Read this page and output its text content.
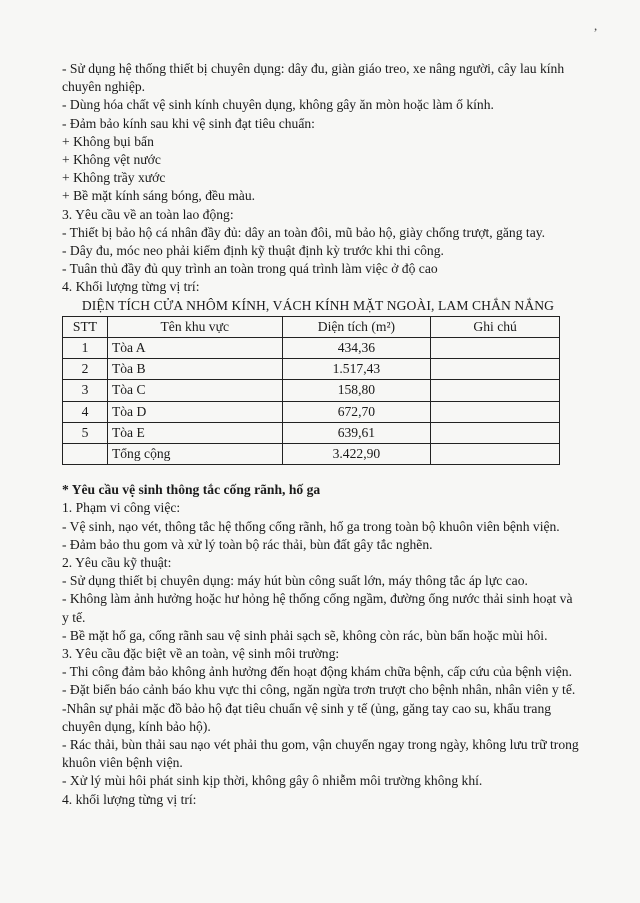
,
- Sử dụng hệ thống thiết bị chuyên dụng: dây đu, giàn giáo treo, xe nâng người, cây lau kính chuyên nghiệp.
- Dùng hóa chất vệ sinh kính chuyên dụng, không gây ăn mòn hoặc làm ố kính.
- Đảm bảo kính sau khi vệ sinh đạt tiêu chuẩn:
+ Không bụi bẩn
+ Không vệt nước
+ Không trầy xước
+ Bề mặt kính sáng bóng, đều màu.
3. Yêu cầu về an toàn lao động:
- Thiết bị bảo hộ cá nhân đầy đủ: dây an toàn đôi, mũ bảo hộ, giày chống trượt, găng tay.
- Dây đu, móc neo phải kiểm định kỹ thuật định kỳ trước khi thi công.
- Tuân thủ đầy đủ quy trình an toàn trong quá trình làm việc ở độ cao
4. Khối lượng từng vị trí:
DIỆN TÍCH CỬA NHÔM KÍNH, VÁCH KÍNH MẶT NGOÀI, LAM CHẮN NẮNG
STT	Tên khu vực	Diện tích (m²)	Ghi chú
1	Tòa A	434,36	
2	Tòa B	1.517,43	
3	Tòa C	158,80	
4	Tòa D	672,70	
5	Tòa E	639,61	
	Tổng cộng	3.422,90	
* Yêu cầu vệ sinh thông tắc cống rãnh, hố ga
1. Phạm vi công việc:
- Vệ sinh, nạo vét, thông tắc hệ thống cống rãnh, hố ga trong toàn bộ khuôn viên bệnh viện.
- Đảm bảo thu gom và xử lý toàn bộ rác thải, bùn đất gây tắc nghẽn.
2. Yêu cầu kỹ thuật:
- Sử dụng thiết bị chuyên dụng: máy hút bùn công suất lớn, máy thông tắc áp lực cao.
- Không làm ảnh hưởng hoặc hư hỏng hệ thống cống ngầm, đường ống nước thải sinh hoạt và y tế.
- Bề mặt hố ga, cống rãnh sau vệ sinh phải sạch sẽ, không còn rác, bùn bẩn hoặc mùi hôi.
3. Yêu cầu đặc biệt về an toàn, vệ sinh môi trường:
- Thi công đảm bảo không ảnh hưởng đến hoạt động khám chữa bệnh, cấp cứu của bệnh viện.
- Đặt biển báo cảnh báo khu vực thi công, ngăn ngừa trơn trượt cho bệnh nhân, nhân viên y tế.
-Nhân sự phải mặc đồ bảo hộ đạt tiêu chuẩn vệ sinh y tế (ủng, găng tay cao su, khẩu trang chuyên dụng, kính bảo hộ).
- Rác thải, bùn thải sau nạo vét phải thu gom, vận chuyển ngay trong ngày, không lưu trữ trong khuôn viên bệnh viện.
- Xử lý mùi hôi phát sinh kịp thời, không gây ô nhiễm môi trường không khí.
4. khối lượng từng vị trí:
